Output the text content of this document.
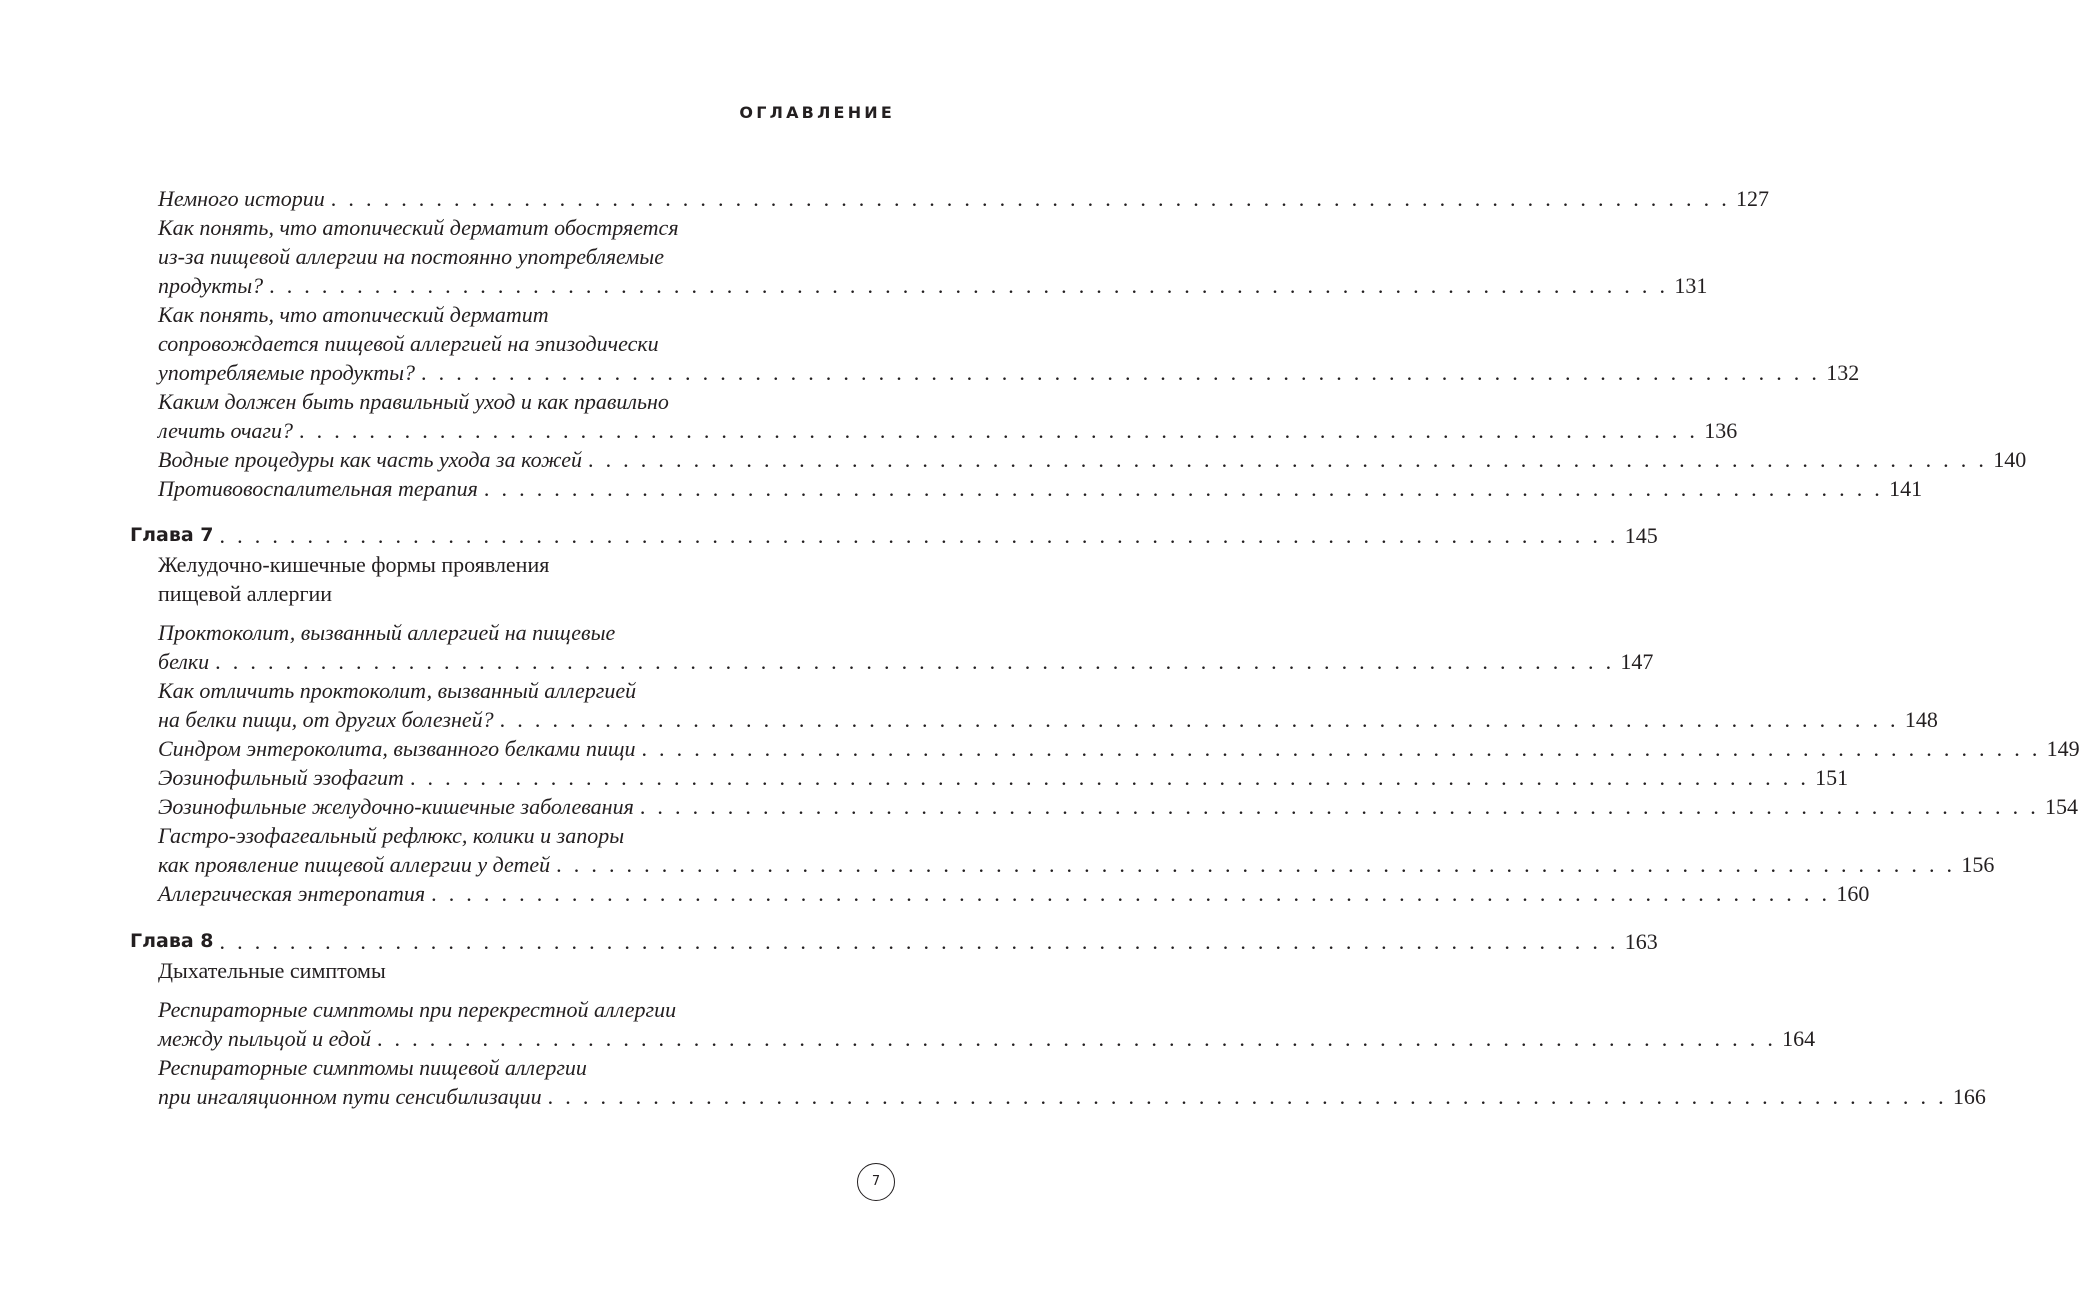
ОГЛАВЛЕНИЕ
Немного истории . . . . . . . . . . . . . . . . . . . . . . . . . . . . . . . . . . . . . . . . . . . . . . . . . . . . . . . . . . . . . . . . . . . . . . . . . . . . . . . . 127
Как понять, что атопический дерматит обостряется
из-за пищевой аллергии на постоянно употребляемые
продукты? . . . . . . . . . . . . . . . . . . . . . . . . . . . . . . . . . . . . . . . . . . . . . . . . . . . . . . . . . . . . . . . . . . . . . . . . . . . . . . . . 131
Как понять, что атопический дерматит
сопровождается пищевой аллергией на эпизодически
употребляемые продукты? . . . . . . . . . . . . . . . . . . . . . . . . . . . . . . . . . . . . . . . . . . . . . . . . . . . . . . . . . . . . . . . . . . . . . . . . . . . . . . . . 132
Каким должен быть правильный уход и как правильно
лечить очаги? . . . . . . . . . . . . . . . . . . . . . . . . . . . . . . . . . . . . . . . . . . . . . . . . . . . . . . . . . . . . . . . . . . . . . . . . . . . . . . . . 136
Водные процедуры как часть ухода за кожей . . . . . . . . . . . . . . . . . . . . . . . . . . . . . . . . . . . . . . . . . . . . . . . . . . . . . . . . . . . . . . . . . . . . . . . . . . . . . . . . 140
Противовоспалительная терапия . . . . . . . . . . . . . . . . . . . . . . . . . . . . . . . . . . . . . . . . . . . . . . . . . . . . . . . . . . . . . . . . . . . . . . . . . . . . . . . . 141
Глава 7 . . . . . . . . . . . . . . . . . . . . . . . . . . . . . . . . . . . . . . . . . . . . . . . . . . . . . . . . . . . . . . . . . . . . . . . . . . . . . . . . 145
Желудочно-кишечные формы проявления
пищевой аллергии
Проктоколит, вызванный аллергией на пищевые
белки . . . . . . . . . . . . . . . . . . . . . . . . . . . . . . . . . . . . . . . . . . . . . . . . . . . . . . . . . . . . . . . . . . . . . . . . . . . . . . . . 147
Как отличить проктоколит, вызванный аллергией
на белки пищи, от других болезней? . . . . . . . . . . . . . . . . . . . . . . . . . . . . . . . . . . . . . . . . . . . . . . . . . . . . . . . . . . . . . . . . . . . . . . . . . . . . . . . . 148
Синдром энтероколита, вызванного белками пищи . . . . . . . . . . . . . . . . . . . . . . . . . . . . . . . . . . . . . . . . . . . . . . . . . . . . . . . . . . . . . . . . . . . . . . . . . . . . . . . . 149
Эозинофильный эзофагит . . . . . . . . . . . . . . . . . . . . . . . . . . . . . . . . . . . . . . . . . . . . . . . . . . . . . . . . . . . . . . . . . . . . . . . . . . . . . . . . 151
Эозинофильные желудочно-кишечные заболевания . . . . . . . . . . . . . . . . . . . . . . . . . . . . . . . . . . . . . . . . . . . . . . . . . . . . . . . . . . . . . . . . . . . . . . . . . . . . . . . . 154
Гастро-эзофагеальный рефлюкс, колики и запоры
как проявление пищевой аллергии у детей . . . . . . . . . . . . . . . . . . . . . . . . . . . . . . . . . . . . . . . . . . . . . . . . . . . . . . . . . . . . . . . . . . . . . . . . . . . . . . . . 156
Аллергическая энтеропатия . . . . . . . . . . . . . . . . . . . . . . . . . . . . . . . . . . . . . . . . . . . . . . . . . . . . . . . . . . . . . . . . . . . . . . . . . . . . . . . . 160
Глава 8 . . . . . . . . . . . . . . . . . . . . . . . . . . . . . . . . . . . . . . . . . . . . . . . . . . . . . . . . . . . . . . . . . . . . . . . . . . . . . . . . 163
Дыхательные симптомы
Респираторные симптомы при перекрестной аллергии
между пыльцой и едой . . . . . . . . . . . . . . . . . . . . . . . . . . . . . . . . . . . . . . . . . . . . . . . . . . . . . . . . . . . . . . . . . . . . . . . . . . . . . . . . 164
Респираторные симптомы пищевой аллергии
при ингаляционном пути сенсибилизации . . . . . . . . . . . . . . . . . . . . . . . . . . . . . . . . . . . . . . . . . . . . . . . . . . . . . . . . . . . . . . . . . . . . . . . . . . . . . . . . 166
7
